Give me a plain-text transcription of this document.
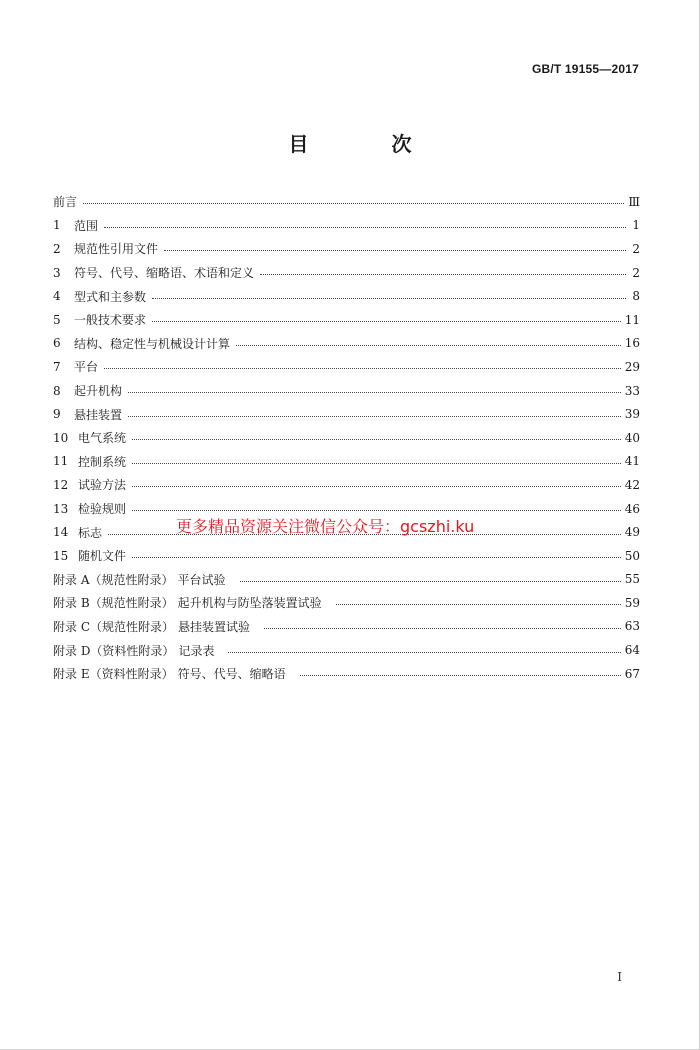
GB/T 19155—2017
目 次
前言	Ⅲ
1	范围	1
2	规范性引用文件	2
3	符号、代号、缩略语、术语和定义	2
4	型式和主参数	8
5	一般技术要求	11
6	结构、稳定性与机械设计计算	16
7	平台	29
8	起升机构	33
9	悬挂装置	39
10 电气系统	40
11 控制系统	41
12 试验方法	42
13 检验规则	46
14 标志	49
15 随机文件	50
附录 A（规范性附录） 平台试验	55
附录 B（规范性附录） 起升机构与防坠落装置试验	59
附录 C（规范性附录） 悬挂装置试验	63
附录 D（资料性附录） 记录表	64
附录 E（资料性附录） 符号、代号、缩略语	67
更多精品资源关注微信公众号：gcszhi.ku
I
